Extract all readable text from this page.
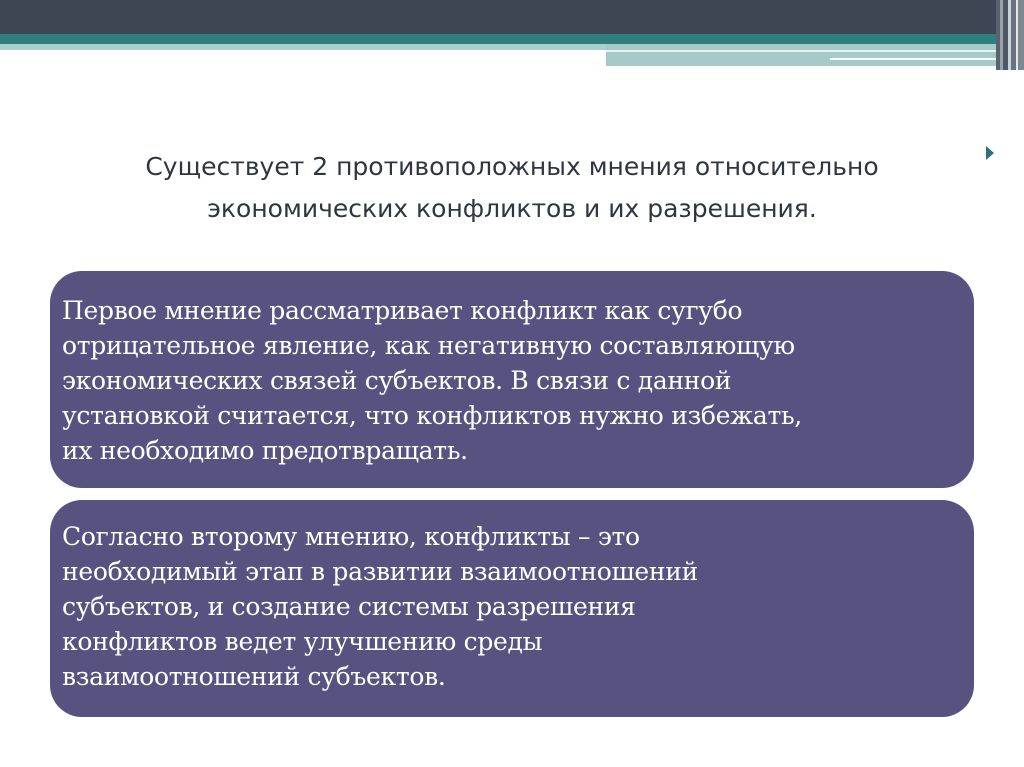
Существует 2 противоположных мнения относительно
экономических конфликтов и их разрешения.

Первое мнение рассматривает конфликт как сугубо
отрицательное явление, как негативную составляющую
экономических связей субъектов. В связи с данной
установкой считается, что конфликтов нужно избежать,
их необходимо предотвращать.

Согласно второму мнению, конфликты – это
необходимый этап в развитии взаимоотношений
субъектов, и создание системы разрешения
конфликтов ведет улучшению среды
взаимоотношений субъектов.
